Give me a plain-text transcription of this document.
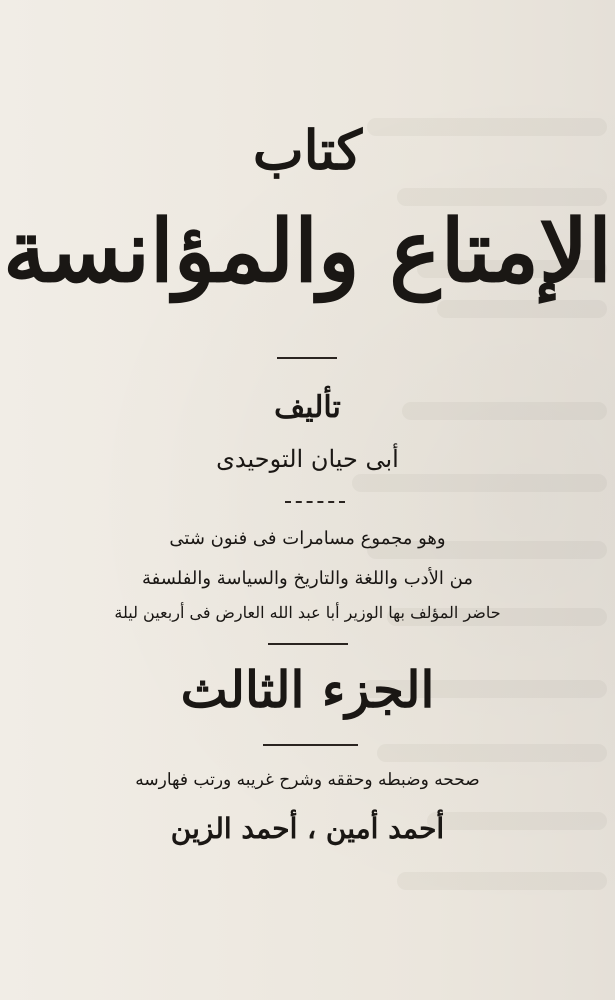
كتاب
الإمتاع والمؤانسة
تأليف
أبى حيان التوحيدى
وهو مجموع مسامرات فى فنون شتى
من الأدب واللغة والتاريخ والسياسة والفلسفة
حاضر المؤلف بها الوزير أبا عبد الله العارض فى أربعين ليلة
الجزء الثالث
صححه وضبطه وحققه وشرح غريبه ورتب فهارسه
أحمد أمين ، أحمد الزين
